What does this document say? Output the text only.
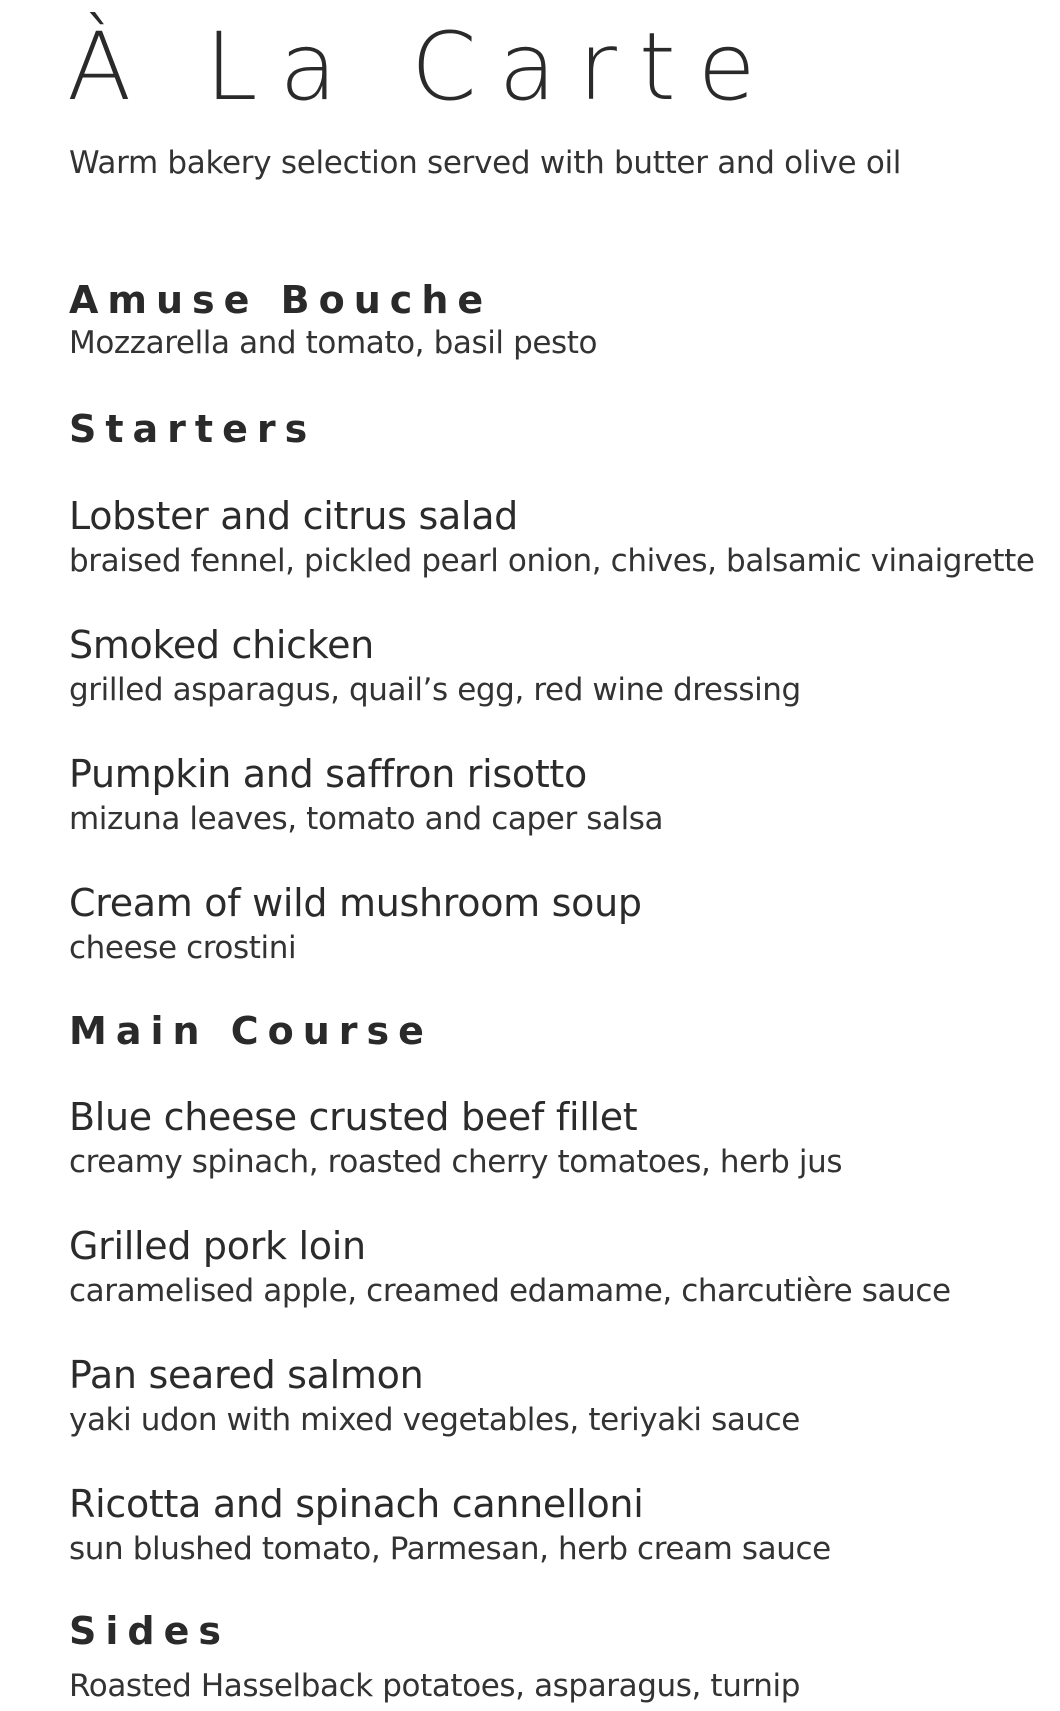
À La Carte
Warm bakery selection served with butter and olive oil
Amuse Bouche
Mozzarella and tomato, basil pesto
Starters
Lobster and citrus salad
braised fennel, pickled pearl onion, chives, balsamic vinaigrette
Smoked chicken
grilled asparagus, quail’s egg, red wine dressing
Pumpkin and saffron risotto
mizuna leaves, tomato and caper salsa
Cream of wild mushroom soup
cheese crostini
Main Course
Blue cheese crusted beef fillet
creamy spinach, roasted cherry tomatoes, herb jus
Grilled pork loin
caramelised apple, creamed edamame, charcutière sauce
Pan seared salmon
yaki udon with mixed vegetables, teriyaki sauce
Ricotta and spinach cannelloni
sun blushed tomato, Parmesan, herb cream sauce
Sides
Roasted Hasselback potatoes, asparagus, turnip
